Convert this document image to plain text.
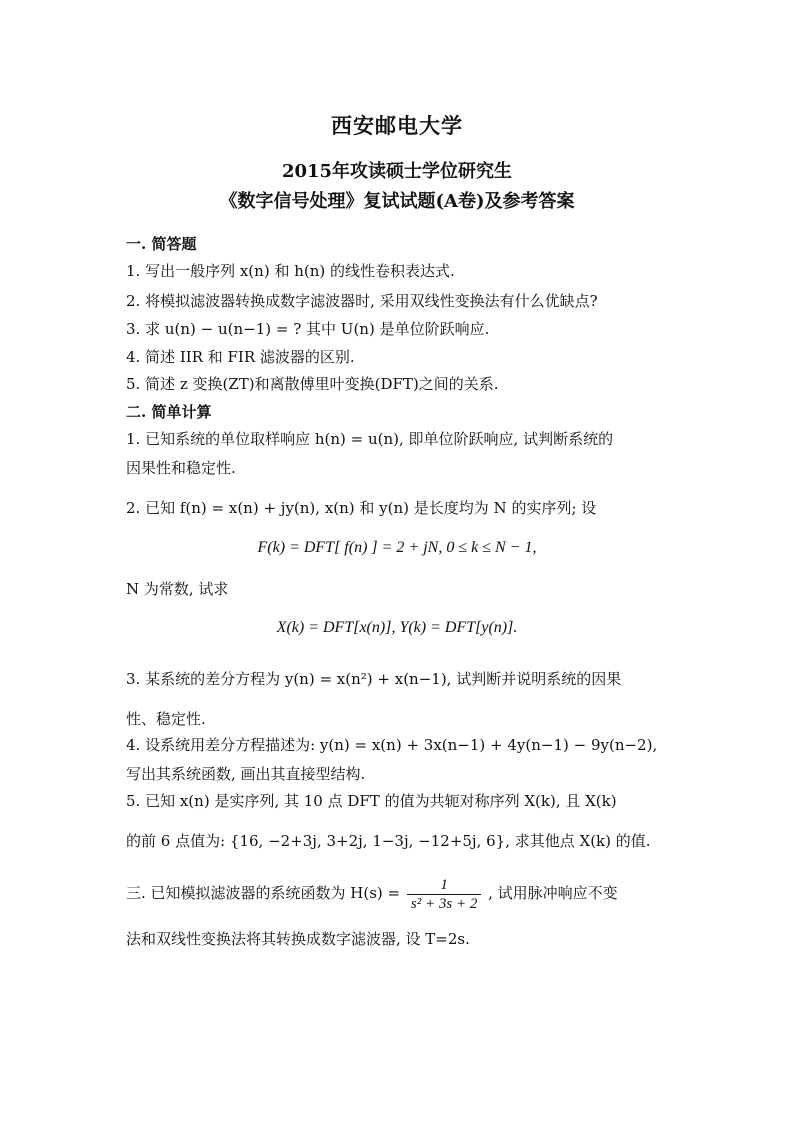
西安邮电大学
2015年攻读硕士学位研究生
《数字信号处理》复试试题(A卷)及参考答案
一. 简答题
1. 写出一般序列 x(n) 和 h(n) 的线性卷积表达式.
2. 将模拟滤波器转换成数字滤波器时, 采用双线性变换法有什么优缺点?
3. 求 u(n) − u(n−1) = ? 其中 U(n) 是单位阶跃响应.
4. 简述 IIR 和 FIR 滤波器的区别.
5. 简述 z 变换(ZT)和离散傅里叶变换(DFT)之间的关系.
二. 简单计算
1. 已知系统的单位取样响应 h(n) = u(n), 即单位阶跃响应, 试判断系统的
因果性和稳定性.
2. 已知 f(n) = x(n) + jy(n), x(n) 和 y(n) 是长度均为 N 的实序列; 设
F(k) = DFT[ f(n) ] = 2 + jN, 0 ≤ k ≤ N − 1,
N 为常数, 试求
X(k) = DFT[x(n)], Y(k) = DFT[y(n)].
3. 某系统的差分方程为 y(n) = x(n²) + x(n−1), 试判断并说明系统的因果
性、稳定性.
4. 设系统用差分方程描述为: y(n) = x(n) + 3x(n−1) + 4y(n−1) − 9y(n−2),
写出其系统函数, 画出其直接型结构.
5. 已知 x(n) 是实序列, 其 10 点 DFT 的值为共轭对称序列 X(k), 且 X(k)
的前 6 点值为: {16, −2+3j, 3+2j, 1−3j, −12+5j, 6}, 求其他点 X(k) 的值.
三. 已知模拟滤波器的系统函数为 $H(s) = \frac{1}{\text{s² + 3s + 2}}$ , 试用脉冲响应不变
法和双线性变换法将其转换成数字滤波器, 设 T=2s.
